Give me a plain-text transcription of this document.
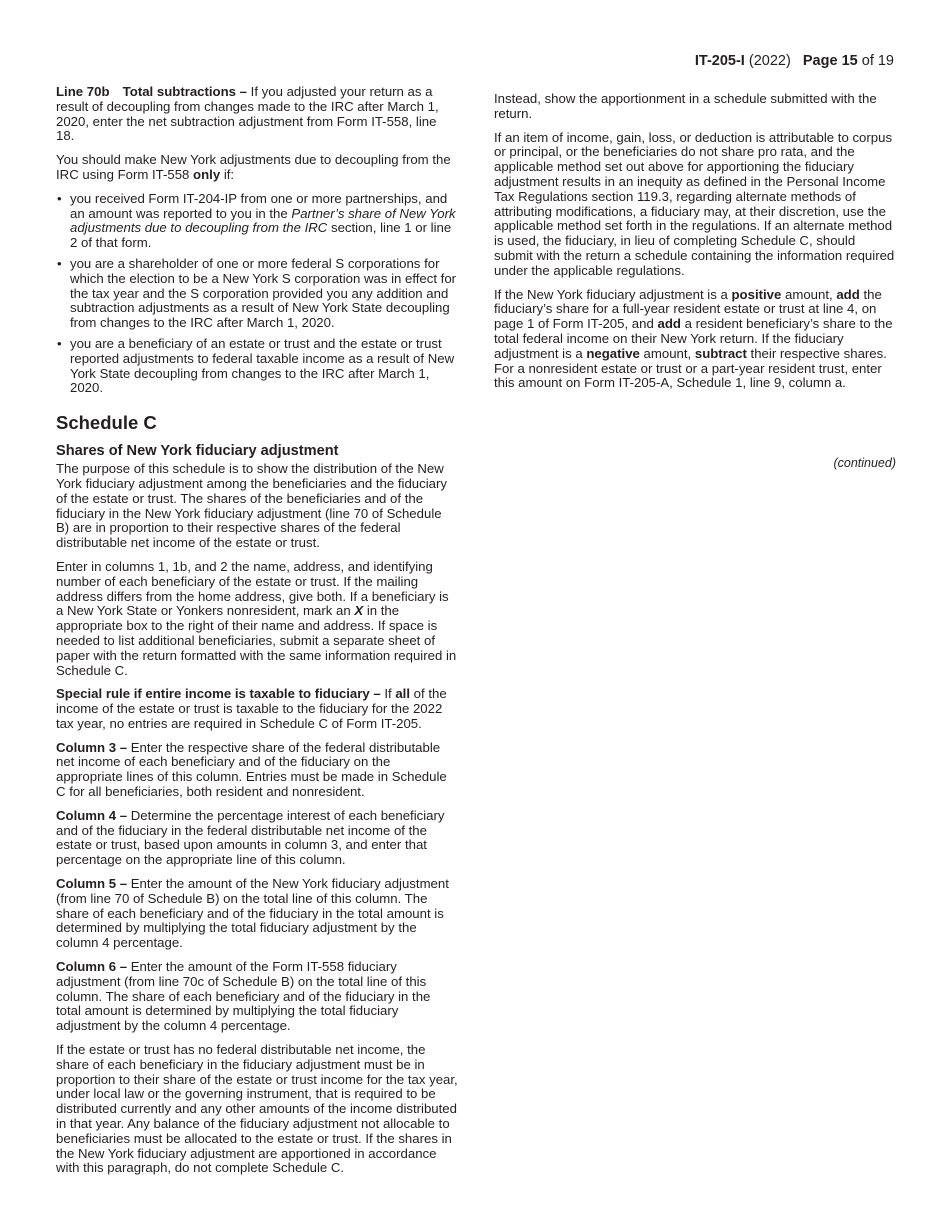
IT-205-I (2022) Page 15 of 19

Line 70b Total subtractions – If you adjusted your return as a result of decoupling from changes made to the IRC after March 1, 2020, enter the net subtraction adjustment from Form IT-558, line 18.

You should make New York adjustments due to decoupling from the IRC using Form IT-558 only if:

• you received Form IT-204-IP from one or more partnerships, and an amount was reported to you in the Partner’s share of New York adjustments due to decoupling from the IRC section, line 1 or line 2 of that form.
• you are a shareholder of one or more federal S corporations for which the election to be a New York S corporation was in effect for the tax year and the S corporation provided you any addition and subtraction adjustments as a result of New York State decoupling from changes to the IRC after March 1, 2020.
• you are a beneficiary of an estate or trust and the estate or trust reported adjustments to federal taxable income as a result of New York State decoupling from changes to the IRC after March 1, 2020.
Schedule C
Shares of New York fiduciary adjustment

The purpose of this schedule is to show the distribution of the New York fiduciary adjustment among the beneficiaries and the fiduciary of the estate or trust. The shares of the beneficiaries and of the fiduciary in the New York fiduciary adjustment (line 70 of Schedule B) are in proportion to their respective shares of the federal distributable net income of the estate or trust.

Enter in columns 1, 1b, and 2 the name, address, and identifying number of each beneficiary of the estate or trust. If the mailing address differs from the home address, give both. If a beneficiary is a New York State or Yonkers nonresident, mark an X in the appropriate box to the right of their name and address. If space is needed to list additional beneficiaries, submit a separate sheet of paper with the return formatted with the same information required in Schedule C.

Special rule if entire income is taxable to fiduciary – If all of the income of the estate or trust is taxable to the fiduciary for the 2022 tax year, no entries are required in Schedule C of Form IT-205.

Column 3 – Enter the respective share of the federal distributable net income of each beneficiary and of the fiduciary on the appropriate lines of this column. Entries must be made in Schedule C for all beneficiaries, both resident and nonresident.

Column 4 – Determine the percentage interest of each beneficiary and of the fiduciary in the federal distributable net income of the estate or trust, based upon amounts in column 3, and enter that percentage on the appropriate line of this column.

Column 5 – Enter the amount of the New York fiduciary adjustment (from line 70 of Schedule B) on the total line of this column. The share of each beneficiary and of the fiduciary in the total amount is determined by multiplying the total fiduciary adjustment by the column 4 percentage.

Column 6 – Enter the amount of the Form IT-558 fiduciary adjustment (from line 70c of Schedule B) on the total line of this column. The share of each beneficiary and of the fiduciary in the total amount is determined by multiplying the total fiduciary adjustment by the column 4 percentage.

If the estate or trust has no federal distributable net income, the share of each beneficiary in the fiduciary adjustment must be in proportion to their share of the estate or trust income for the tax year, under local law or the governing instrument, that is required to be distributed currently and any other amounts of the income distributed in that year. Any balance of the fiduciary adjustment not allocable to beneficiaries must be allocated to the estate or trust. If the shares in the New York fiduciary adjustment are apportioned in accordance with this paragraph, do not complete Schedule C.

Instead, show the apportionment in a schedule submitted with the return.

If an item of income, gain, loss, or deduction is attributable to corpus or principal, or the beneficiaries do not share pro rata, and the applicable method set out above for apportioning the fiduciary adjustment results in an inequity as defined in the Personal Income Tax Regulations section 119.3, regarding alternate methods of attributing modifications, a fiduciary may, at their discretion, use the applicable method set forth in the regulations. If an alternate method is used, the fiduciary, in lieu of completing Schedule C, should submit with the return a schedule containing the information required under the applicable regulations.

If the New York fiduciary adjustment is a positive amount, add the fiduciary’s share for a full-year resident estate or trust at line 4, on page 1 of Form IT-205, and add a resident beneficiary’s share to the total federal income on their New York return. If the fiduciary adjustment is a negative amount, subtract their respective shares. For a nonresident estate or trust or a part-year resident trust, enter this amount on Form IT-205-A, Schedule 1, line 9, column a.

(continued)
